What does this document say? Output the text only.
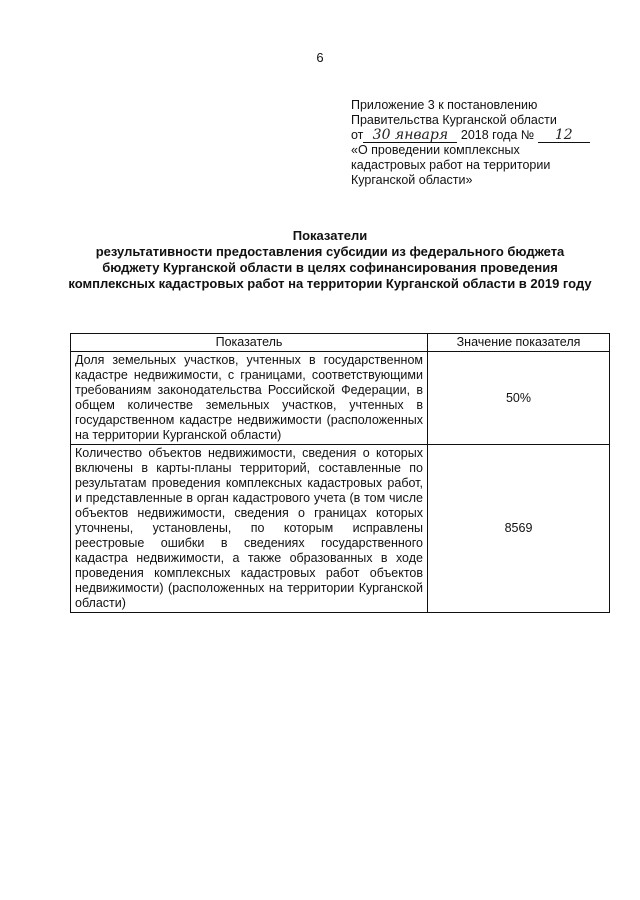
6
Приложение 3 к постановлению
Правительства Курганской области
от 30 января 2018 года № 12
«О проведении комплексных
кадастровых работ на территории
Курганской области»
Показатели
результативности предоставления субсидии из федерального бюджета
бюджету Курганской области в целях софинансирования проведения
комплексных кадастровых работ на территории Курганской области в 2019 году
Показатель	Значение показателя
Доля земельных участков, учтенных в государственном кадастре недвижимости, с границами, соответствующими требованиям законодательства Российской Федерации, в общем количестве земельных участков, учтенных в государственном кадастре недвижимости (расположенных на территории Курганской области)	50%
Количество объектов недвижимости, сведения о которых включены в карты-планы территорий, составленные по результатам проведения комплексных кадастровых работ, и представленные в орган кадастрового учета (в том числе объектов недвижимости, сведения о границах которых уточнены, установлены, по которым исправлены реестровые ошибки в сведениях государственного кадастра недвижимости, а также образованных в ходе проведения комплексных кадастровых работ объектов недвижимости) (расположенных на территории Курганской области)	8569
